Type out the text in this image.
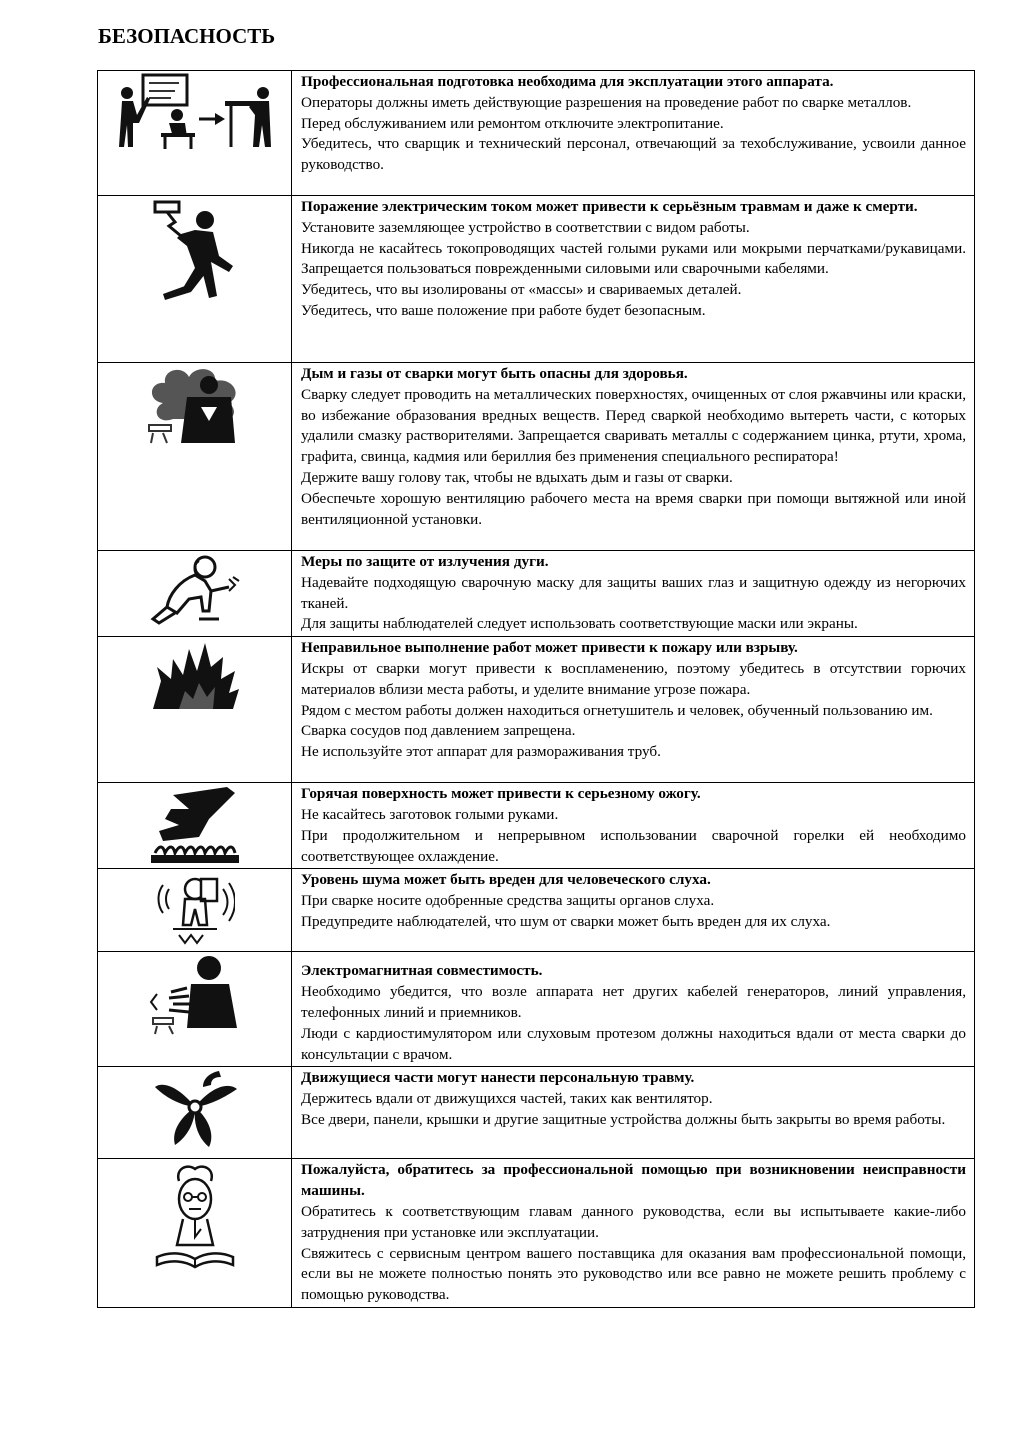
БЕЗОПАСНОСТЬ

Профессиональная подготовка необходима для эксплуатации этого аппарата.

Операторы должны иметь действующие разрешения на проведение работ по сварке металлов.

Перед обслуживанием или ремонтом отключите электропитание.

Убедитесь, что сварщик и технический персонал, отвечающий за техобслуживание, усвоили данное руководство.

Поражение электрическим током может привести к серьёзным травмам и даже к смерти.

Установите заземляющее устройство в соответствии с видом работы.

Никогда не касайтесь токопроводящих частей голыми руками или мокрыми перчатками/рукавицами. Запрещается пользоваться поврежденными силовыми или сварочными кабелями.

Убедитесь, что вы изолированы от «массы» и свариваемых деталей.

Убедитесь, что ваше положение при работе будет безопасным.

Дым и газы от сварки могут быть опасны для здоровья.

Сварку следует проводить на металлических поверхностях, очищенных от слоя ржавчины или краски, во избежание образования вредных веществ. Перед сваркой необходимо вытереть части, с которых удалили смазку растворителями. Запрещается сваривать металлы с содержанием цинка, ртути, хрома, графита, свинца, кадмия или бериллия без применения специального респиратора!

Держите вашу голову так, чтобы не вдыхать дым и газы от сварки.

Обеспечьте хорошую вентиляцию рабочего места на время сварки при помощи вытяжной или иной вентиляционной установки.

Меры по защите от излучения дуги.

Надевайте подходящую сварочную маску для защиты ваших глаз и защитную одежду из негорючих тканей.

Для защиты наблюдателей следует использовать соответствующие маски или экраны.

Неправильное выполнение работ может привести к пожару или взрыву.

Искры от сварки могут привести к воспламенению, поэтому убедитесь в отсутствии горючих материалов вблизи места работы, и уделите внимание угрозе пожара.

Рядом с местом работы должен находиться огнетушитель и человек, обученный пользованию им.

Сварка сосудов под давлением запрещена.

Не используйте этот аппарат для размораживания труб.

Горячая поверхность может привести к серьезному ожогу.

Не касайтесь заготовок голыми руками.

При продолжительном и непрерывном использовании сварочной горелки ей необходимо соответствующее охлаждение.

Уровень шума может быть вреден для человеческого слуха.

При сварке носите одобренные средства защиты органов слуха.

Предупредите наблюдателей, что шум от сварки может быть вреден для их слуха.

Электромагнитная совместимость.

Необходимо убедится, что возле аппарата нет других кабелей генераторов, линий управления, телефонных линий и приемников.

Люди с кардиостимулятором или слуховым протезом должны находиться вдали от места сварки до консультации с врачом.

Движущиеся части могут нанести персональную травму.

Держитесь вдали от движущихся частей, таких как вентилятор.

Все двери, панели, крышки и другие защитные устройства должны быть закрыты во время работы.

Пожалуйста, обратитесь за профессиональной помощью при возникновении неисправности машины.

Обратитесь к соответствующим главам данного руководства, если вы испытываете какие-либо затруднения при установке или эксплуатации.

Свяжитесь с сервисным центром вашего поставщика для оказания вам профессиональной помощи, если вы не можете полностью понять это руководство или все равно не можете решить проблему с помощью руководства.
